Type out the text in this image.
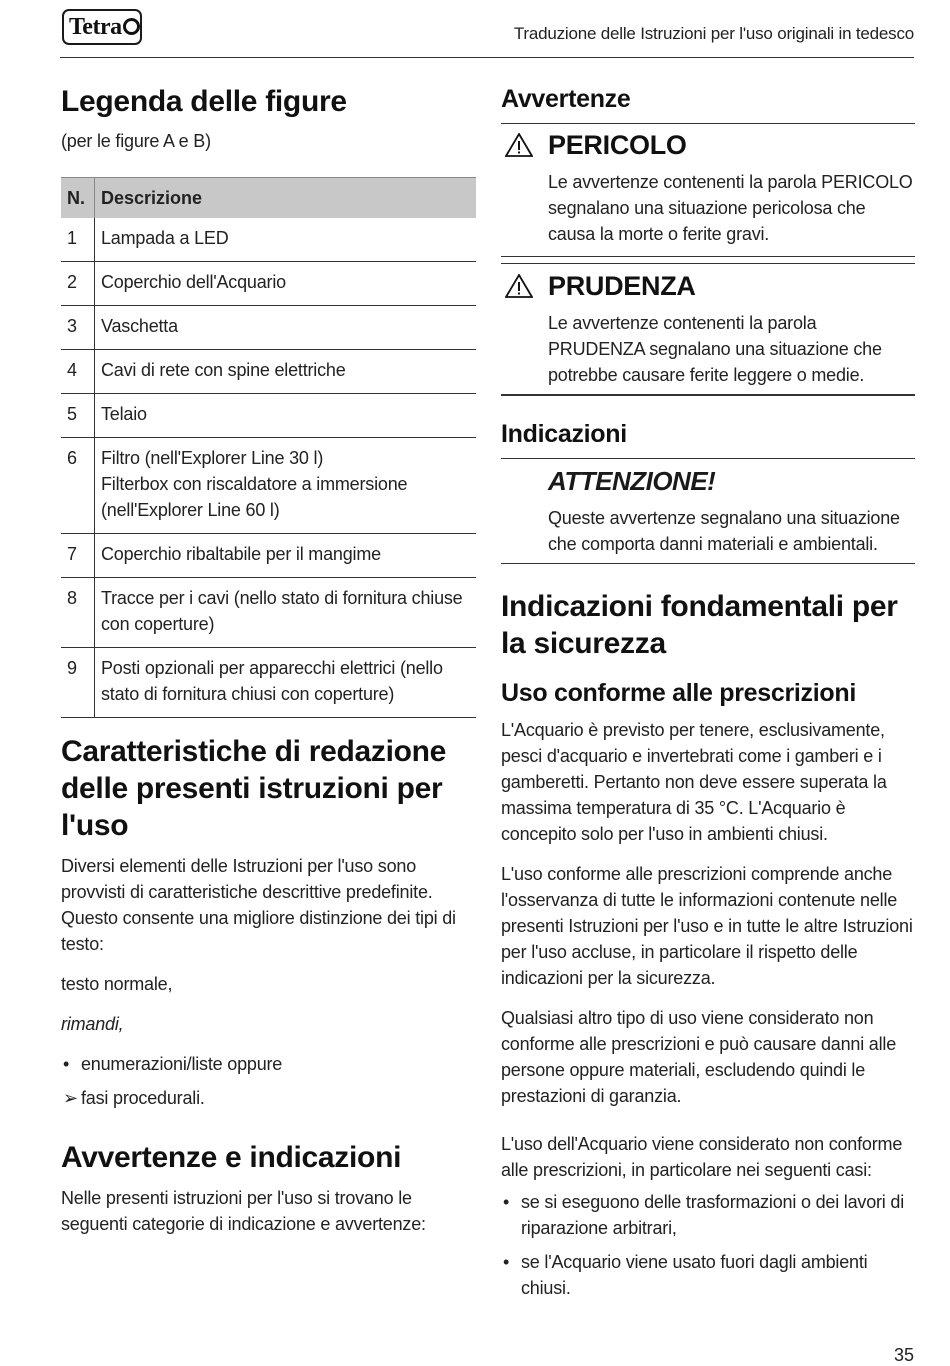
Tetra	Traduzione delle Istruzioni per l'uso originali in tedesco
Legenda delle figure

(per le figure A e B)

N.	Descrizione
1	Lampada a LED
2	Coperchio dell'Acquario
3	Vaschetta
4	Cavi di rete con spine elettriche
5	Telaio
6	Filtro (nell'Explorer Line 30 l)
Filterbox con riscaldatore a immersione (nell'Explorer Line 60 l)

7	Coperchio ribaltabile per il mangime
8	Tracce per i cavi (nello stato di fornitura chiuse con coperture)
9	Posti opzionali per apparecchi elettrici (nello stato di fornitura chiusi con coperture)
Caratteristiche di redazione delle presenti istruzioni per l'uso

Diversi elementi delle Istruzioni per l'uso sono provvisti di caratteristiche descrittive predefinite. Questo consente una migliore distinzione dei tipi di testo:

testo normale,

rimandi,

• enumerazioni/liste oppure
➢ fasi procedurali.
Avvertenze e indicazioni

Nelle presenti istruzioni per l'uso si trovano le seguenti categorie di indicazione e avvertenze:

Avvertenze
PERICOLO

Le avvertenze contenenti la parola PERICOLO segnalano una situazione pericolosa che causa la morte o ferite gravi.

PRUDENZA

Le avvertenze contenenti la parola PRUDENZA segnalano una situazione che potrebbe causare ferite leggere o medie.

Indicazioni
ATTENZIONE!

Queste avvertenze segnalano una situazione che comporta danni materiali e ambientali.

Indicazioni fondamentali per la sicurezza
Uso conforme alle prescrizioni

L'Acquario è previsto per tenere, esclusivamente, pesci d'acquario e invertebrati come i gamberi e i gamberetti. Pertanto non deve essere superata la massima temperatura di 35 °C. L'Acquario è concepito solo per l'uso in ambienti chiusi.

L'uso conforme alle prescrizioni comprende anche l'osservanza di tutte le informazioni contenute nelle presenti Istruzioni per l'uso e in tutte le altre Istruzioni per l'uso accluse, in particolare il rispetto delle indicazioni per la sicurezza.

Qualsiasi altro tipo di uso viene considerato non conforme alle prescrizioni e può causare danni alle persone oppure materiali, escludendo quindi le prestazioni di garanzia.

L'uso dell'Acquario viene considerato non conforme alle prescrizioni, in particolare nei seguenti casi:

• se si eseguono delle trasformazioni o dei lavori di riparazione arbitrari,
• se l'Acquario viene usato fuori dagli ambienti chiusi.
35
